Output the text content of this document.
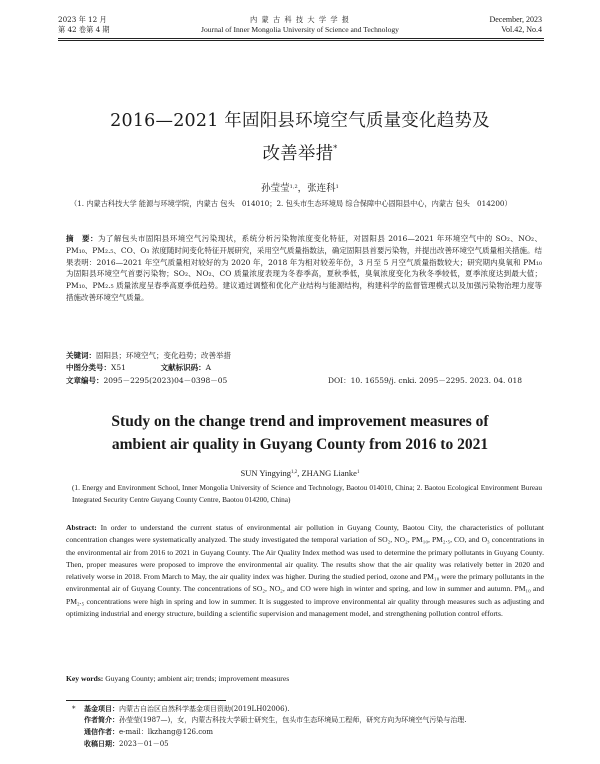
2023 年 12 月
第 42 卷第 4 期
内 蒙 古 科 技 大 学 学 报
Journal of Inner Mongolia University of Science and Technology
December, 2023
Vol.42, No.4
2016—2021 年固阳县环境空气质量变化趋势及
改善举措*
孙莹莹$^{1,2}$，张连科$^1$
（1. 内蒙古科技大学 能源与环境学院，内蒙古 包头　014010；2. 包头市生态环境局 综合保障中心固阳县中心，内蒙古 包头　014200）
摘　要：为了解包头市固阳县环境空气污染现状，系统分析污染物浓度变化特征，对固阳县 2016—2021 年环境空气中的 SO₂、NO₂、PM₁₀、PM₂.₅、CO、O₃ 浓度随时间变化特征开展研究，采用空气质量指数法，确定固阳县首要污染物，并提出改善环境空气质量相关措施。结果表明：2016—2021 年空气质量相对较好的为 2020 年，2018 年为相对较差年份，3 月至 5 月空气质量指数较大；研究期内臭氧和 PM₁₀ 为固阳县环境空气首要污染物；SO₂、NO₂、CO 质量浓度表现为冬春季高，夏秋季低，臭氧浓度变化为秋冬季较低，夏季浓度达到最大值；PM₁₀、PM₂.₅ 质量浓度呈春季高夏季低趋势。建议通过调整和优化产业结构与能源结构，构建科学的监督管理模式以及加强污染物治理力度等措施改善环境空气质量。
关键词：固阳县；环境空气；变化趋势；改善举措
中图分类号：X51	文献标识码：A
文章编号：2095－2295(2023)04－0398－05	DOI：10. 16559/j. cnki. 2095－2295. 2023. 04. 018
Study on the change trend and improvement measures of
ambient air quality in Guyang County from 2016 to 2021
SUN Yingying$^{1,2}$, ZHANG Lianke$^1$
(1. Energy and Environment School, Inner Mongolia University of Science and Technology, Baotou 014010, China; 2. Baotou Ecological Environment Bureau Integrated Security Centre Guyang County Centre, Baotou 014200, China)
Abstract: In order to understand the current status of environmental air pollution in Guyang County, Baotou City, the characteristics of pollutant concentration changes were systematically analyzed. The study investigated the temporal variation of SO₂, NO₂, PM₁₀, PM₂.₅, CO, and O₃ concentrations in the environmental air from 2016 to 2021 in Guyang County. The Air Quality Index method was used to determine the primary pollutants in Guyang County. Then, proper measures were proposed to improve the environmental air quality. The results show that the air quality was relatively better in 2020 and relatively worse in 2018. From March to May, the air quality index was higher. During the studied period, ozone and PM₁₀ were the primary pollutants in the environmental air of Guyang County. The concentrations of SO₂, NO₂, and CO were high in winter and spring, and low in summer and autumn. PM₁₀ and PM₂.₅ concentrations were high in spring and low in summer. It is suggested to improve environmental air quality through measures such as adjusting and optimizing industrial and energy structure, building a scientific supervision and management model, and strengthening pollution control efforts.
Key words: Guyang County; ambient air; trends; improvement measures
* 基金项目：内蒙古自治区自然科学基金项目资助(2019LH02006).
作者简介：孙莹莹(1987—)，女，内蒙古科技大学硕士研究生，包头市生态环境局工程师，研究方向为环境空气污染与治理.
通信作者：e-mail：lkzhang@126.com
收稿日期：2023－01－05
